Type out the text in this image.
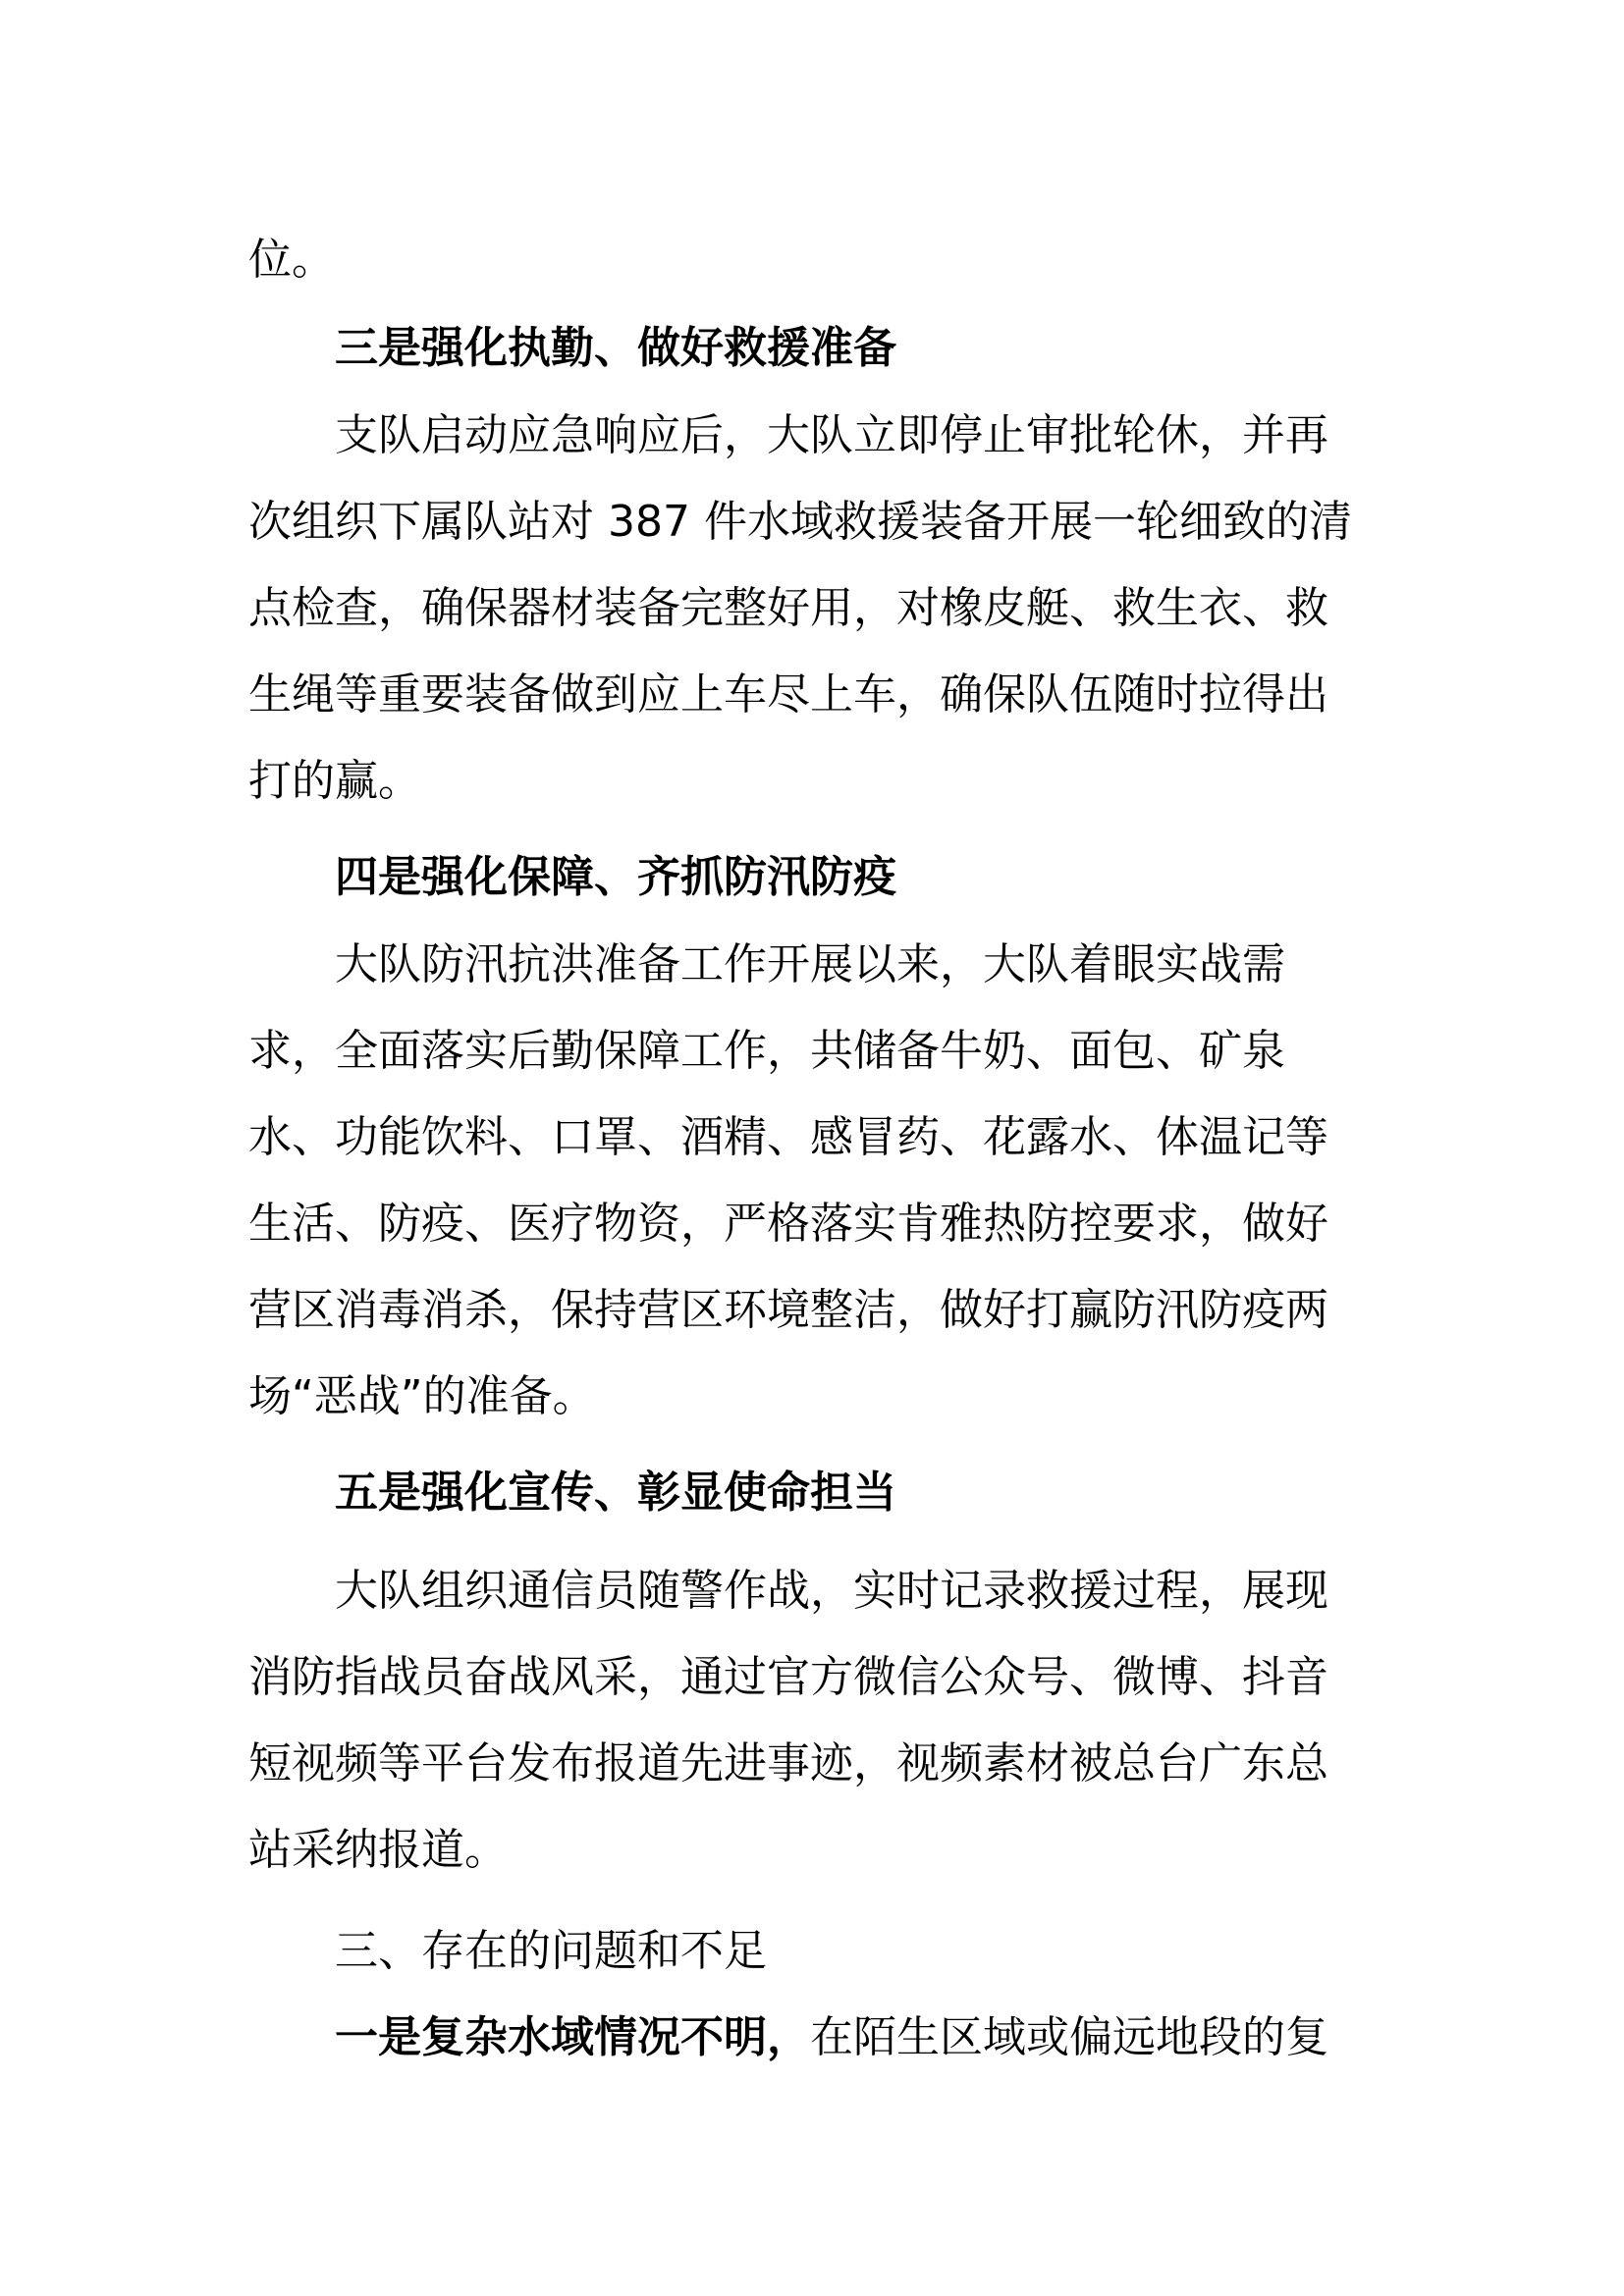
位。
三是强化执勤、做好救援准备
支队启动应急响应后，大队立即停止审批轮休，并再
次组织下属队站对 387 件水域救援装备开展一轮细致的清
点检查，确保器材装备完整好用，对橡皮艇、救生衣、救
生绳等重要装备做到应上车尽上车，确保队伍随时拉得出
打的赢。
四是强化保障、齐抓防汛防疫
大队防汛抗洪准备工作开展以来，大队着眼实战需
求，全面落实后勤保障工作，共储备牛奶、面包、矿泉
水、功能饮料、口罩、酒精、感冒药、花露水、体温记等
生活、防疫、医疗物资，严格落实肯雅热防控要求，做好
营区消毒消杀，保持营区环境整洁，做好打赢防汛防疫两
场“恶战”的准备。
五是强化宣传、彰显使命担当
大队组织通信员随警作战，实时记录救援过程，展现
消防指战员奋战风采，通过官方微信公众号、微博、抖音
短视频等平台发布报道先进事迹，视频素材被总台广东总
站采纳报道。
三、存在的问题和不足
一是复杂水域情况不明，在陌生区域或偏远地段的复
